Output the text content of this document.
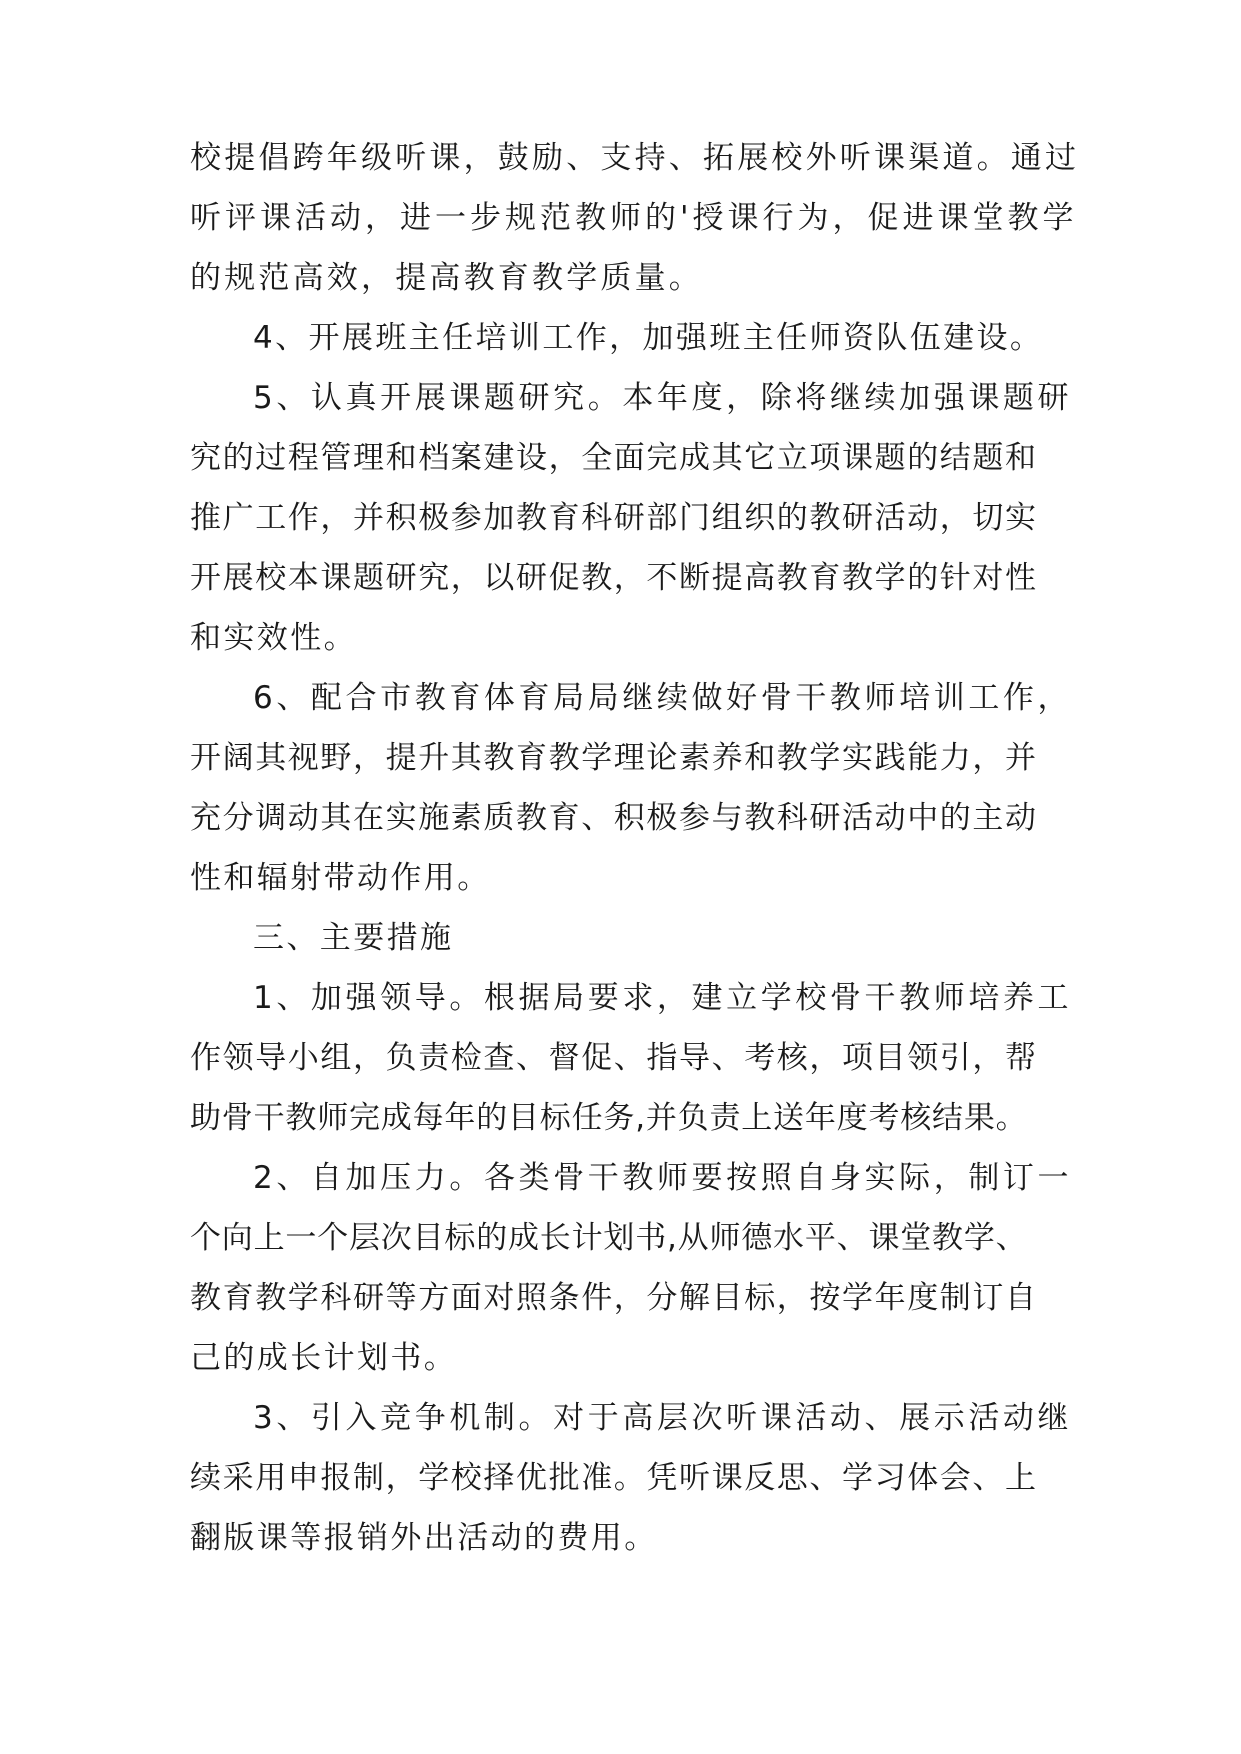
校提倡跨年级听课，鼓励、支持、拓展校外听课渠道。通过
听评课活动，进一步规范教师的'授课行为，促进课堂教学
的规范高效，提高教育教学质量。
4、开展班主任培训工作，加强班主任师资队伍建设。
5、认真开展课题研究。本年度，除将继续加强课题研
究的过程管理和档案建设，全面完成其它立项课题的结题和
推广工作，并积极参加教育科研部门组织的教研活动，切实
开展校本课题研究，以研促教，不断提高教育教学的针对性
和实效性。
6、配合市教育体育局局继续做好骨干教师培训工作，
开阔其视野，提升其教育教学理论素养和教学实践能力，并
充分调动其在实施素质教育、积极参与教科研活动中的主动
性和辐射带动作用。
三、主要措施
1、加强领导。根据局要求，建立学校骨干教师培养工
作领导小组，负责检查、督促、指导、考核，项目领引，帮
助骨干教师完成每年的目标任务,并负责上送年度考核结果。
2、自加压力。各类骨干教师要按照自身实际，制订一
个向上一个层次目标的成长计划书,从师德水平、课堂教学、
教育教学科研等方面对照条件，分解目标，按学年度制订自
己的成长计划书。
3、引入竞争机制。对于高层次听课活动、展示活动继
续采用申报制，学校择优批准。凭听课反思、学习体会、上
翻版课等报销外出活动的费用。
